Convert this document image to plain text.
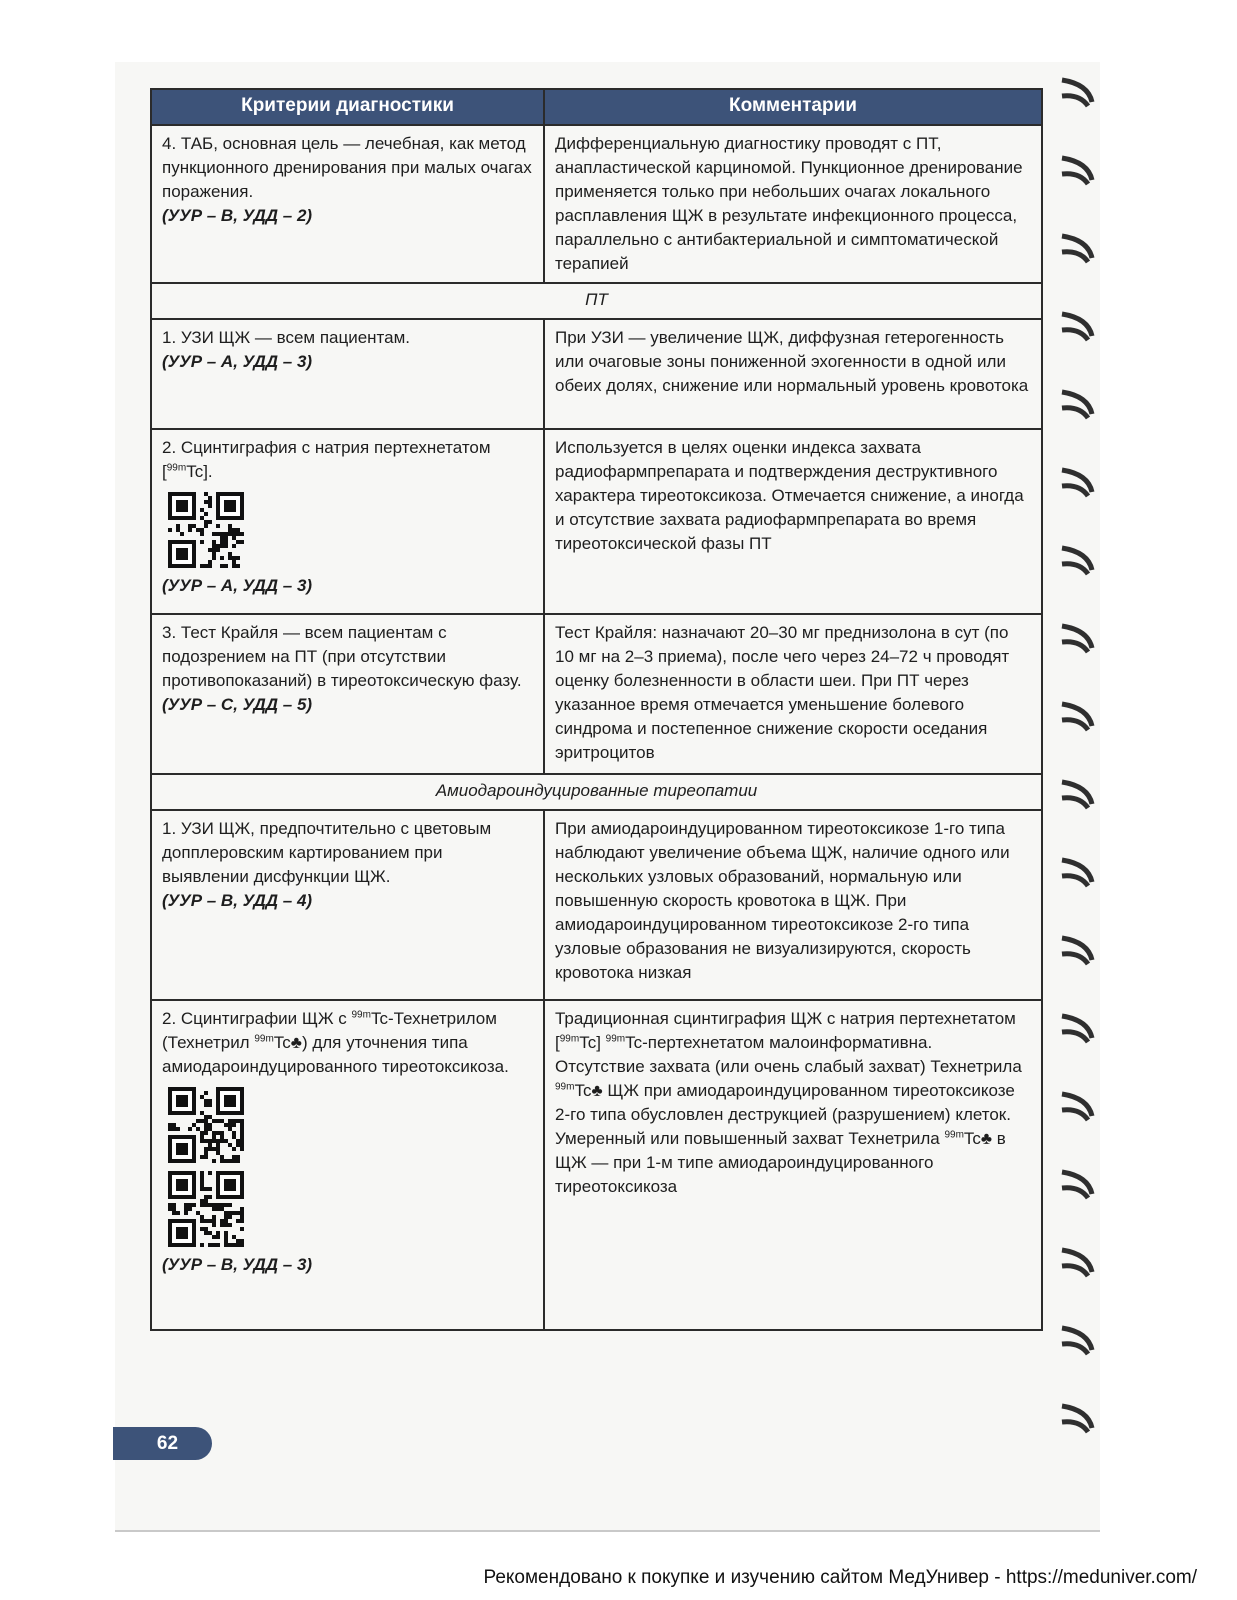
Критерии диагностики	Комментарии

4. ТАБ, основная цель — лечебная, как метод пункционного дренирования при малых очагах поражения.
(УУР – В, УДД – 2)	Дифференциальную диагностику проводят с ПТ, анапластической карциномой. Пункционное дренирование применяется только при небольших очагах локального расплавления ЩЖ в результате инфекционного процесса, параллельно с антибактериальной и симптоматической терапией

ПТ	

1. УЗИ ЩЖ — всем пациентам.
(УУР – А, УДД – 3)	При УЗИ — увеличение ЩЖ, диффузная гетерогенность или очаговые зоны пониженной эхогенности в одной или обеих долях, снижение или нормальный уровень кровотока

2. Сцинтиграфия с натрия пертехнетатом [$^{99m}$Tc].
(УУР – А, УДД – 3)	Используется в целях оценки индекса захвата радиофармпрепарата и подтверждения деструктивного характера тиреотоксикоза. Отмечается снижение, а иногда и отсутствие захвата радиофармпрепарата во время тиреотоксической фазы ПТ

3. Тест Крайля — всем пациентам с подозрением на ПТ (при отсутствии противопоказаний) в тиреотоксическую фазу.
(УУР – С, УДД – 5)	Тест Крайля: назначают 20–30 мг преднизолона в сут (по 10 мг на 2–3 приема), после чего через 24–72 ч проводят оценку болезненности в области шеи. При ПТ через указанное время отмечается уменьшение болевого синдрома и постепенное снижение скорости оседания эритроцитов

Амиодароиндуцированные тиреопатии	

1. УЗИ ЩЖ, предпочтительно с цветовым допплеровским картированием при выявлении дисфункции ЩЖ.
(УУР – В, УДД – 4)	При амиодароиндуцированном тиреотоксикозе 1-го типа наблюдают увеличение объема ЩЖ, наличие одного или нескольких узловых образований, нормальную или повышенную скорость кровотока в ЩЖ. При амиодароиндуцированном тиреотоксикозе 2-го типа узловые образования не визуализируются, скорость кровотока низкая

2. Сцинтиграфии ЩЖ с $^{99m}$Tc-Технетрилом (Технетрил $^{99m}$Tc♣) для уточнения типа амиодароиндуцированного тиреотоксикоза.
(УУР – В, УДД – 3)	Традиционная сцинтиграфия ЩЖ с натрия пертехнетатом [$^{99m}$Tc] $^{99m}$Tc-пертехнетатом малоинформативна.
Отсутствие захвата (или очень слабый захват) Технетрила $^{99m}$Tc♣ ЩЖ при амиодароиндуцированном тиреотоксикозе 2-го типа обусловлен деструкцией (разрушением) клеток. Умеренный или повышенный захват Технетрила $^{99m}$Tc♣ в ЩЖ — при 1-м типе амиодароиндуцированного тиреотоксикоза
62
Рекомендовано к покупке и изучению сайтом МедУнивер - https://meduniver.com/
